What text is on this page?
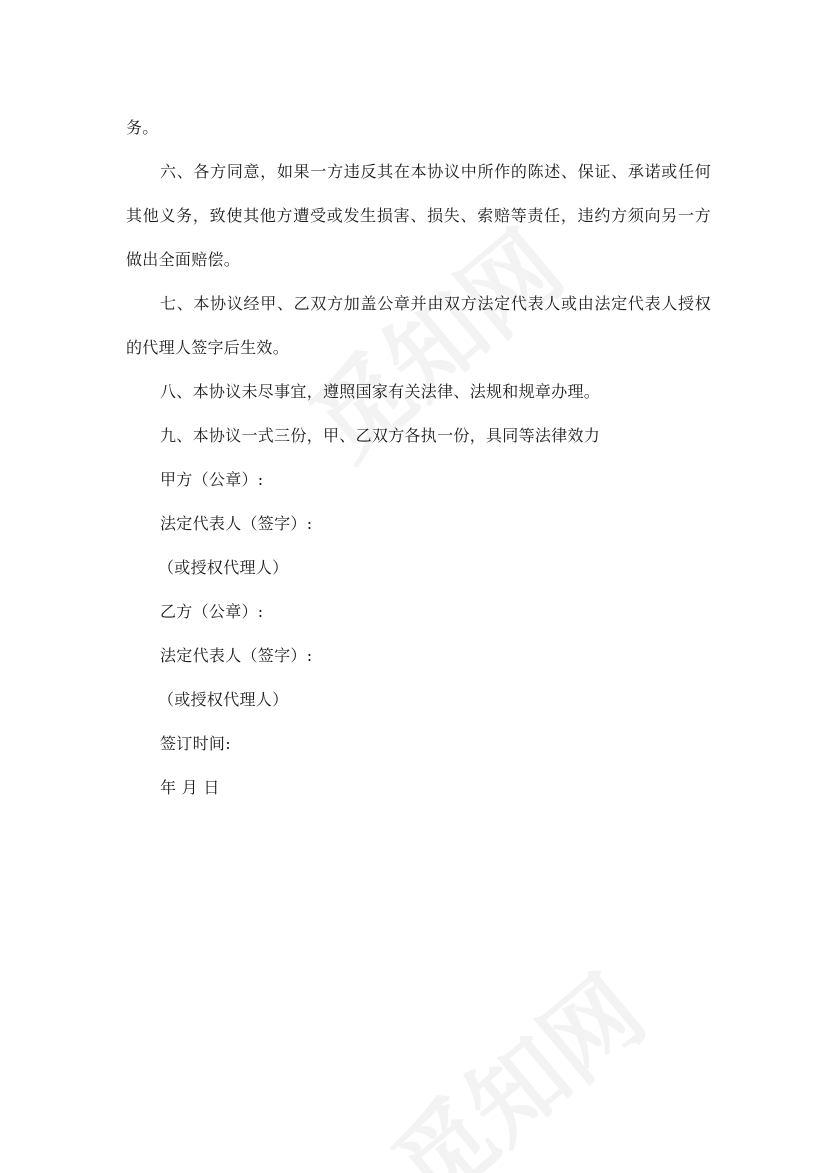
务。

六、各方同意，如果一方违反其在本协议中所作的陈述、保证、承诺或任何其他义务，致使其他方遭受或发生损害、损失、索赔等责任，违约方须向另一方做出全面赔偿。

七、本协议经甲、乙双方加盖公章并由双方法定代表人或由法定代表人授权的代理人签字后生效。

八、本协议未尽事宜，遵照国家有关法律、法规和规章办理。

九、本协议一式三份，甲、乙双方各执一份，具同等法律效力

甲方（公章）:

法定代表人（签字）:

（或授权代理人）

乙方（公章）:

法定代表人（签字）:

（或授权代理人）

签订时间:

年 月 日
